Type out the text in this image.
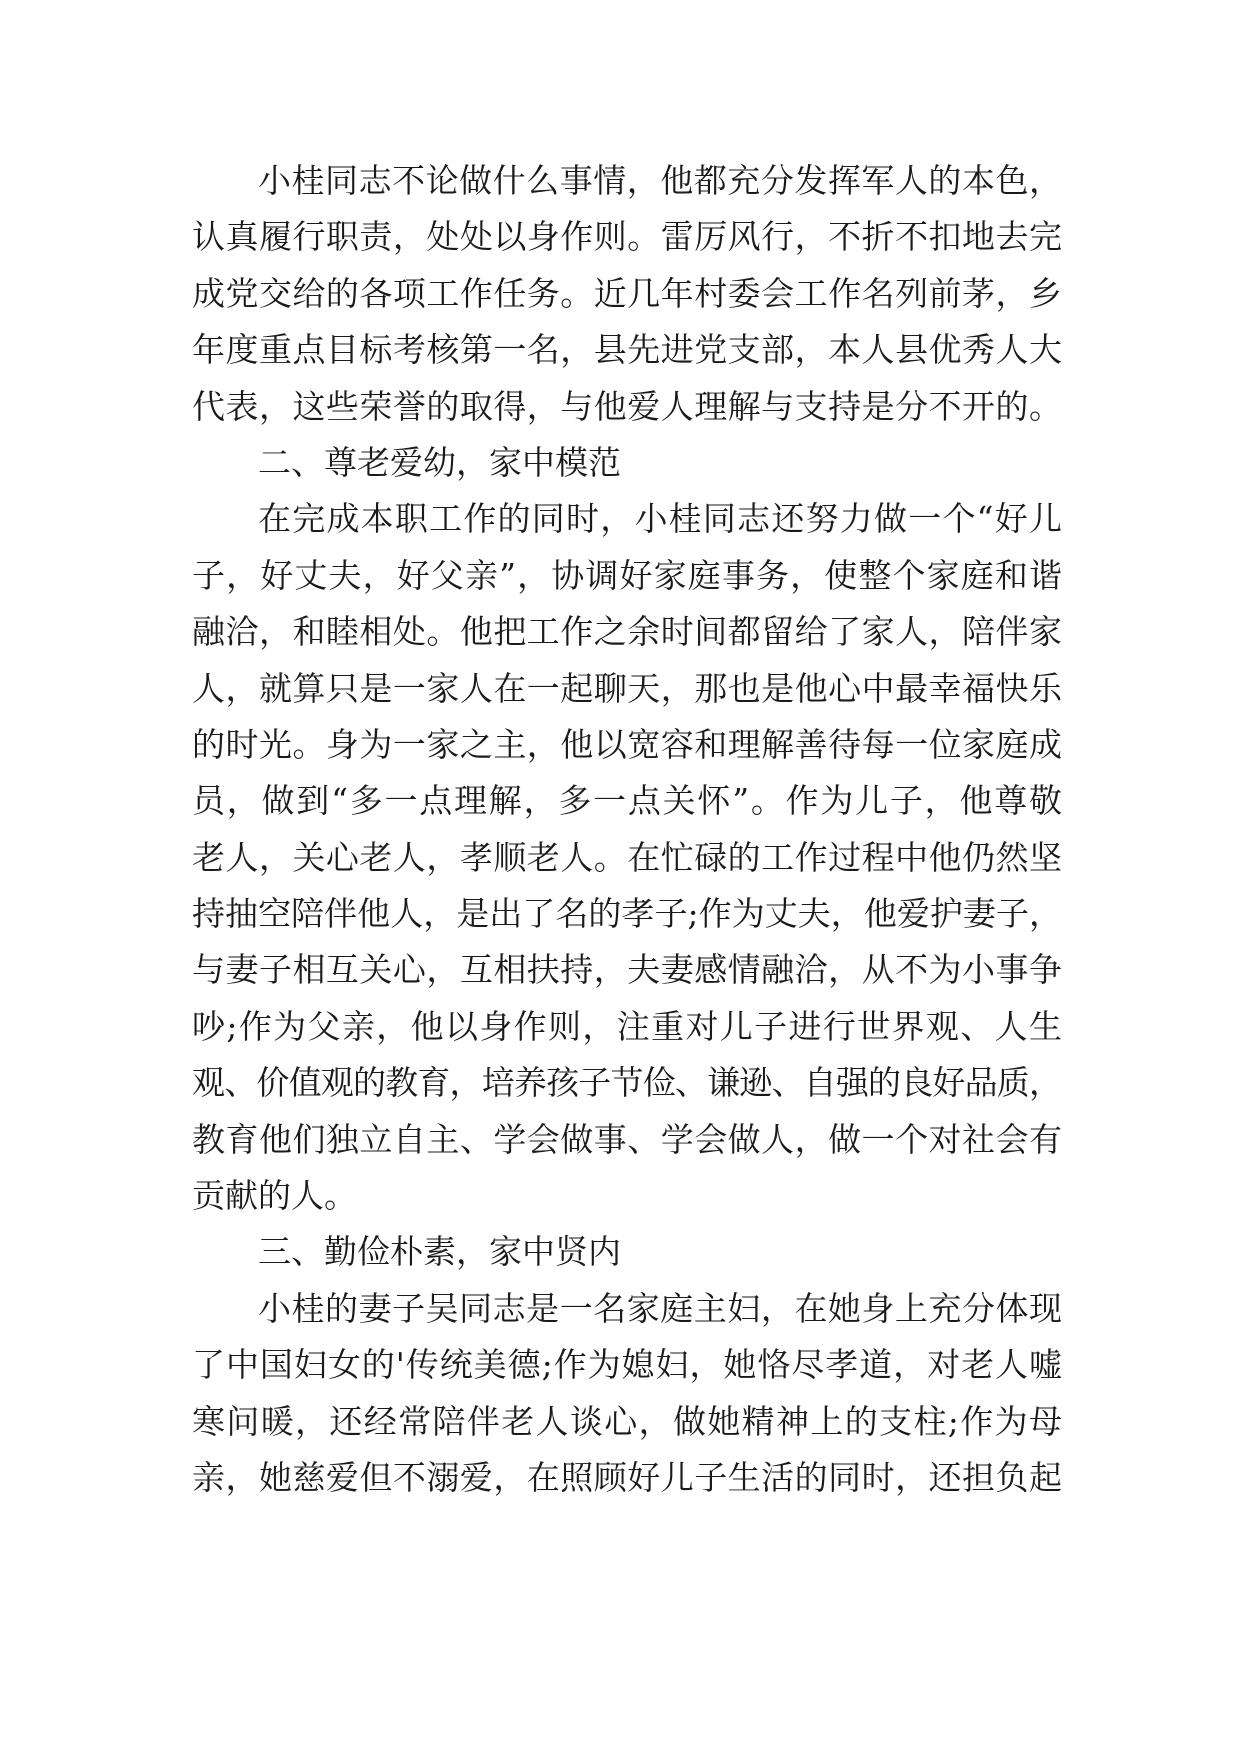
小桂同志不论做什么事情，他都充分发挥军人的本色，
认真履行职责，处处以身作则。雷厉风行，不折不扣地去完
成党交给的各项工作任务。近几年村委会工作名列前茅，乡
年度重点目标考核第一名，县先进党支部，本人县优秀人大
代表，这些荣誉的取得，与他爱人理解与支持是分不开的。
二、尊老爱幼，家中模范
在完成本职工作的同时，小桂同志还努力做一个“好儿
子，好丈夫，好父亲”，协调好家庭事务，使整个家庭和谐
融洽，和睦相处。他把工作之余时间都留给了家人，陪伴家
人，就算只是一家人在一起聊天，那也是他心中最幸福快乐
的时光。身为一家之主，他以宽容和理解善待每一位家庭成
员，做到“多一点理解，多一点关怀”。作为儿子，他尊敬
老人，关心老人，孝顺老人。在忙碌的工作过程中他仍然坚
持抽空陪伴他人，是出了名的孝子;作为丈夫，他爱护妻子，
与妻子相互关心，互相扶持，夫妻感情融洽，从不为小事争
吵;作为父亲，他以身作则，注重对儿子进行世界观、人生
观、价值观的教育，培养孩子节俭、谦逊、自强的良好品质，
教育他们独立自主、学会做事、学会做人，做一个对社会有
贡献的人。
三、勤俭朴素，家中贤内
小桂的妻子吴同志是一名家庭主妇，在她身上充分体现
了中国妇女的'传统美德;作为媳妇，她恪尽孝道，对老人嘘
寒问暖，还经常陪伴老人谈心，做她精神上的支柱;作为母
亲，她慈爱但不溺爱，在照顾好儿子生活的同时，还担负起
